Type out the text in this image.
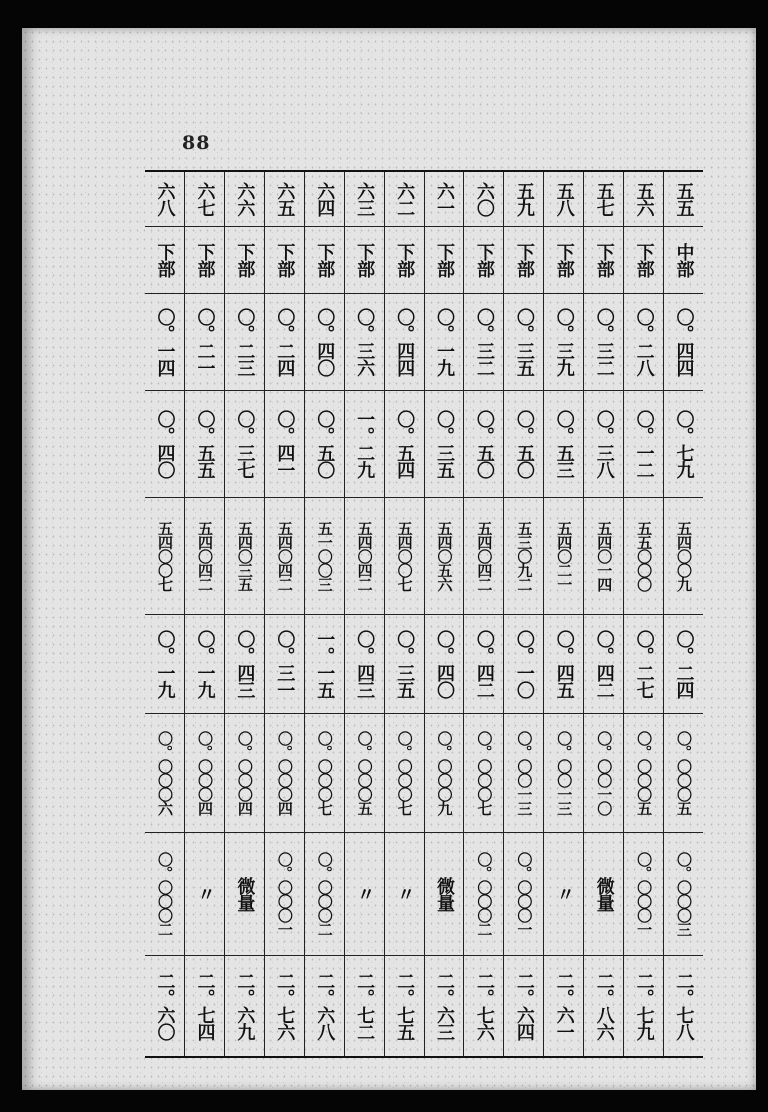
88
五五
中部
〇。四四
〇。七九
五四〇〇九
〇。二四
〇。〇〇〇五
〇。〇〇〇三
二。七八
五六
下部
〇。二八
〇。一二
五五〇〇〇
〇。二七
〇。〇〇〇五
〇。〇〇〇一
二。七九
五七
下部
〇。三二
〇。三八
五四〇一四
〇。四二
〇。〇〇一〇
微量
二。八六
五八
下部
〇。三九
〇。五三
五四〇二一
〇。四五
〇。〇〇一三
〃
二。六一
五九
下部
〇。三五
〇。五〇
五三〇九二
〇。一〇
〇。〇〇一三
〇。〇〇〇一
二。六四
六〇
下部
〇。三二
〇。五〇
五四〇四二
〇。四二
〇。〇〇〇七
〇。〇〇〇二
二。七六
六一
下部
〇。一九
〇。三五
五四〇五六
〇。四〇
〇。〇〇〇九
微量
二。六三
六二
下部
〇。四四
〇。五四
五四〇〇七
〇。三五
〇。〇〇〇七
〃
二。七五
六三
下部
〇。三六
一。二九
五四〇四二
〇。四三
〇。〇〇〇五
〃
二。七二
六四
下部
〇。四〇
〇。五〇
五一〇〇三
一。一五
〇。〇〇〇七
〇。〇〇〇二
二。六八
六五
下部
〇。二四
〇。四一
五四〇四二
〇。三一
〇。〇〇〇四
〇。〇〇〇一
二。七六
六六
下部
〇。二三
〇。三七
五四〇三五
〇。四三
〇。〇〇〇四
微量
二。六九
六七
下部
〇。二一
〇。五五
五四〇四二
〇。一九
〇。〇〇〇四
〃
二。七四
六八
下部
〇。一四
〇。四〇
五四〇〇七
〇。一九
〇。〇〇〇六
〇。〇〇〇二
二。六〇
